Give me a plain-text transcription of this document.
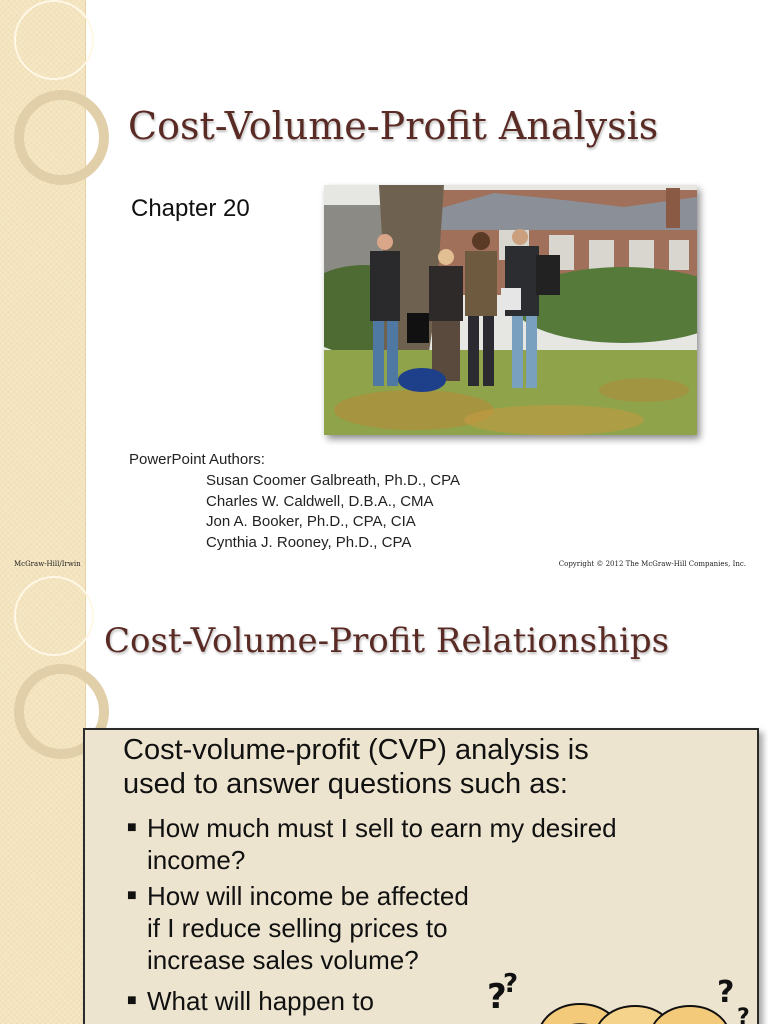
Cost-Volume-Profit Analysis
Chapter 20
PowerPoint Authors:
Susan Coomer Galbreath, Ph.D., CPA
Charles W. Caldwell, D.B.A., CMA
Jon A. Booker, Ph.D., CPA, CIA
Cynthia J. Rooney, Ph.D., CPA
McGraw-Hill/Irwin	Copyright © 2012 The McGraw-Hill Companies, Inc.
Cost-Volume-Profit Relationships
Cost-volume-profit (CVP) analysis is
used to answer questions such as:
■ How much must I sell to earn my desired
income?
■ How will income be affected
if I reduce selling prices to
increase sales volume?
■ What will happen to	?
?	?
?
